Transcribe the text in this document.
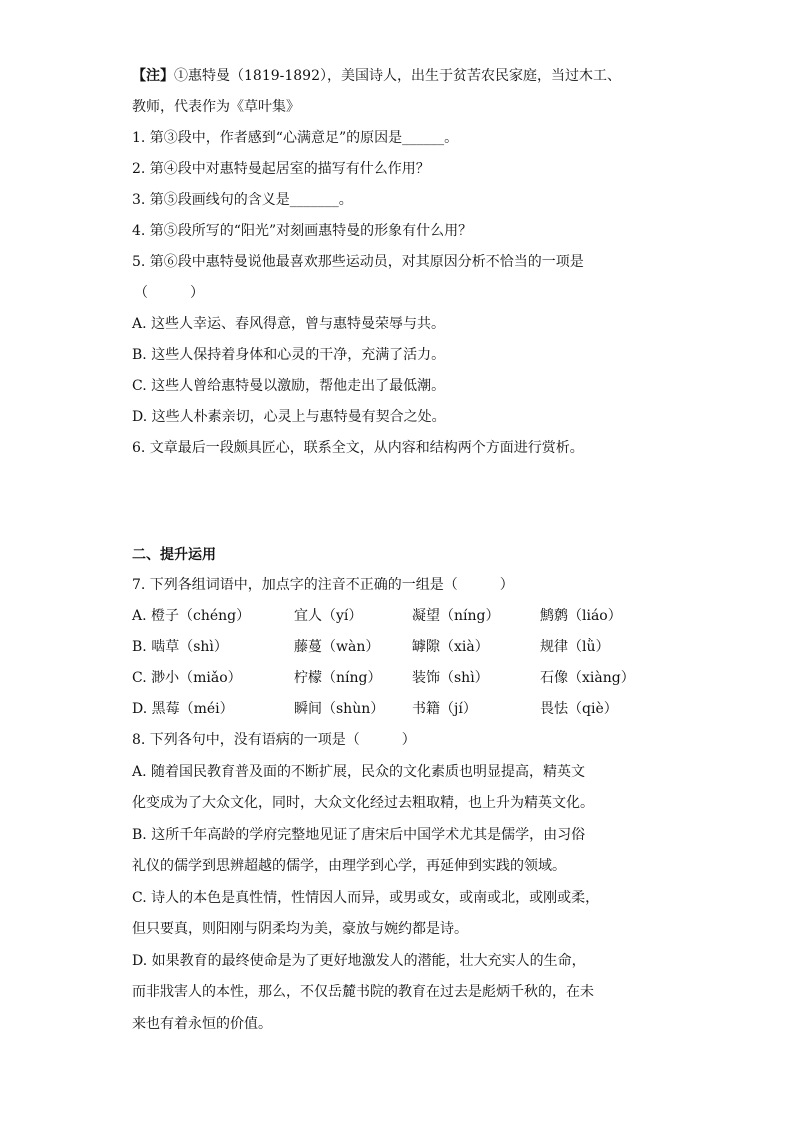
【注】①惠特曼（1819-1892），美国诗人，出生于贫苦农民家庭，当过木工、
教师，代表作为《草叶集》
1. 第③段中，作者感到“心满意足”的原因是______。
2. 第④段中对惠特曼起居室的描写有什么作用？
3. 第⑤段画线句的含义是_______。
4. 第⑤段所写的“阳光”对刻画惠特曼的形象有什么用？
5. 第⑥段中惠特曼说他最喜欢那些运动员，对其原因分析不恰当的一项是
（　　　）
A. 这些人幸运、春风得意，曾与惠特曼荣辱与共。
B. 这些人保持着身体和心灵的干净，充满了活力。
C. 这些人曾给惠特曼以激励，帮他走出了最低潮。
D. 这些人朴素亲切，心灵上与惠特曼有契合之处。
6. 文章最后一段颇具匠心，联系全文，从内容和结构两个方面进行赏析。
二、提升运用
7. 下列各组词语中，加点字的注音不正确的一组是（　　　）
A. 橙子（chéng）	宜人（yí）	凝望（níng）	鹪鹩（liáo）
B. 啮草（shì）	藤蔓（wàn）	罅隙（xià）	规律（lǜ）
C. 渺小（miǎo）	柠檬（níng）	装饰（shì）	石像（xiàng）
D. 黑莓（méi）	瞬间（shùn）	书籍（jí）	畏怯（qiè）
8. 下列各句中，没有语病的一项是（　　　）
A. 随着国民教育普及面的不断扩展，民众的文化素质也明显提高，精英文
化变成为了大众文化，同时，大众文化经过去粗取精，也上升为精英文化。
B. 这所千年高龄的学府完整地见证了唐宋后中国学术尤其是儒学，由习俗
礼仪的儒学到思辨超越的儒学，由理学到心学，再延伸到实践的领域。
C. 诗人的本色是真性情，性情因人而异，或男或女，或南或北，或刚或柔，
但只要真，则阳刚与阴柔均为美，豪放与婉约都是诗。
D. 如果教育的最终使命是为了更好地激发人的潜能，壮大充实人的生命，
而非戕害人的本性，那么，不仅岳麓书院的教育在过去是彪炳千秋的，在未
来也有着永恒的价值。
